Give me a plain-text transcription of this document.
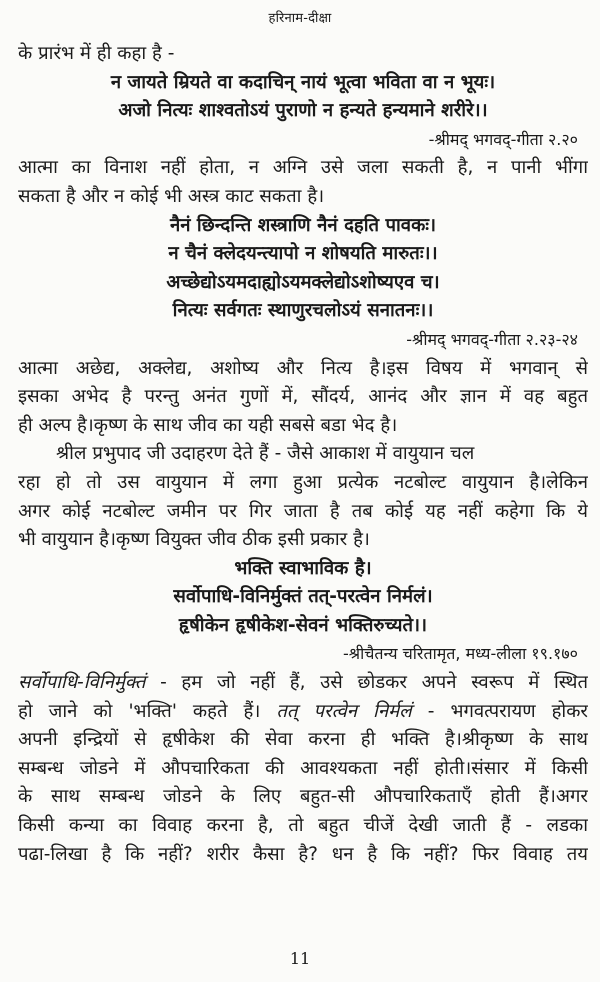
हरिनाम-दीक्षा
के प्रारंभ में ही कहा है -
न जायते म्रियते वा कदाचिन् नायं भूत्वा भविता वा न भूयः।
अजो नित्यः शाश्वतोऽयं पुराणो न हन्यते हन्यमाने शरीरे।।
-श्रीमद् भगवद्-गीता २.२०
आत्मा का विनाश नहीं होता, न अग्नि उसे जला सकती है, न पानी भींगा
सकता है और न कोई भी अस्त्र काट सकता है।
नैनं छिन्दन्ति शस्त्राणि नैनं दहति पावकः।
न चैनं क्लेदयन्त्यापो न शोषयति मारुतः।।
अच्छेद्योऽयमदाह्योऽयमक्लेद्योऽशोष्यएव च।
नित्यः सर्वगतः स्थाणुरचलोऽयं सनातनः।।
-श्रीमद् भगवद्-गीता २.२३-२४
आत्मा अछेद्य, अक्लेद्य, अशोष्य और नित्य है।इस विषय में भगवान् से
इसका अभेद है परन्तु अनंत गुणों में, सौंदर्य, आनंद और ज्ञान में वह बहुत
ही अल्प है।कृष्ण के साथ जीव का यही सबसे बडा भेद है।
श्रील प्रभुपाद जी उदाहरण देते हैं - जैसे आकाश में वायुयान चल
रहा हो तो उस वायुयान में लगा हुआ प्रत्येक नटबोल्ट वायुयान है।लेकिन
अगर कोई नटबोल्ट जमीन पर गिर जाता है तब कोई यह नहीं कहेगा कि ये
भी वायुयान है।कृष्ण वियुक्त जीव ठीक इसी प्रकार है।
भक्ति स्वाभाविक है।
सर्वोपाधि-विनिर्मुक्तं तत्-परत्वेन निर्मलं।
हृषीकेन हृषीकेश-सेवनं भक्तिरुच्यते।।
-श्रीचैतन्य चरितामृत, मध्य-लीला १९.१७०
सर्वोपाधि-विनिर्मुक्तं - हम जो नहीं हैं, उसे छोडकर अपने स्वरूप में स्थित
हो जाने को 'भक्ति' कहते हैं। तत् परत्वेन निर्मलं - भगवत्परायण होकर
अपनी इन्द्रियों से हृषीकेश की सेवा करना ही भक्ति है।श्रीकृष्ण के साथ
सम्बन्ध जोडने में औपचारिकता की आवश्यकता नहीं होती।संसार में किसी
के साथ सम्बन्ध जोडने के लिए बहुत-सी औपचारिकताएँ होती हैं।अगर
किसी कन्या का विवाह करना है, तो बहुत चीजें देखी जाती हैं - लडका
पढा-लिखा है कि नहीं? शरीर कैसा है? धन है कि नहीं? फिर विवाह तय
11
